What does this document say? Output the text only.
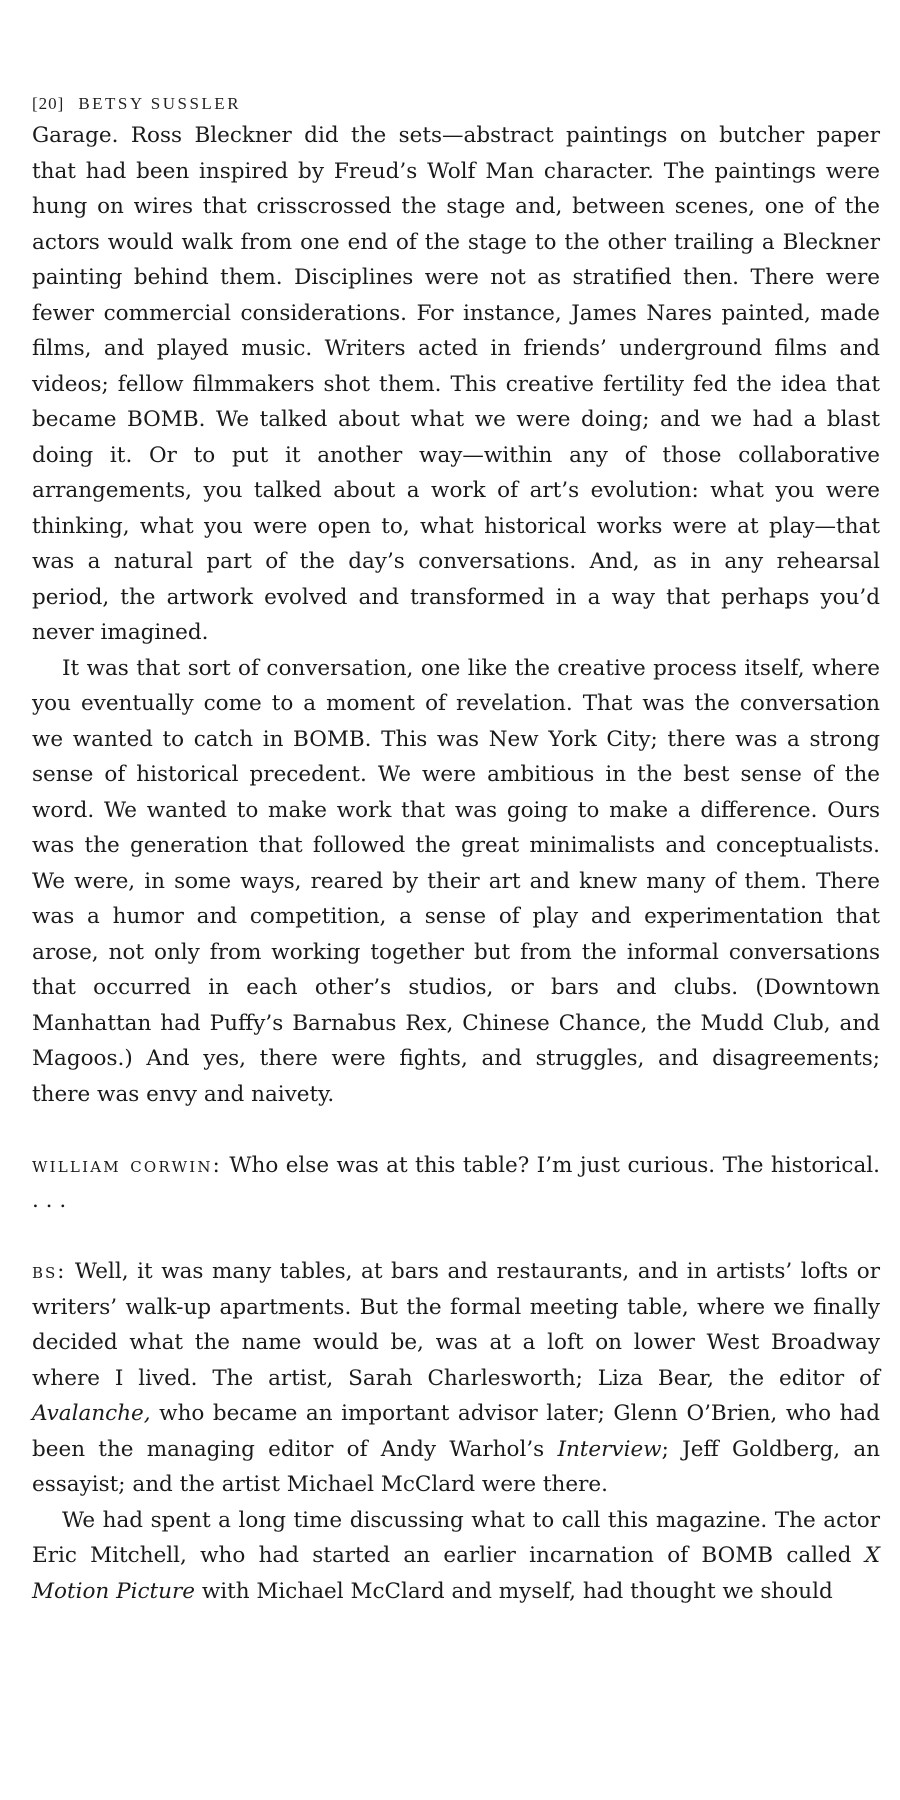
[20] BETSY SUSSLER

Garage. Ross Bleckner did the sets—abstract paintings on butcher paper that had been inspired by Freud’s Wolf Man character. The paintings were hung on wires that crisscrossed the stage and, between scenes, one of the actors would walk from one end of the stage to the other trailing a Bleckner painting behind them. Disciplines were not as stratified then. There were fewer commercial considerations. For instance, James Nares painted, made films, and played music. Writers acted in friends’ underground films and videos; fellow filmmakers shot them. This creative fertility fed the idea that became BOMB. We talked about what we were doing; and we had a blast doing it. Or to put it another way—within any of those collaborative arrangements, you talked about a work of art’s evolution: what you were thinking, what you were open to, what historical works were at play—that was a natural part of the day’s conversations. And, as in any rehearsal period, the artwork evolved and transformed in a way that perhaps you’d never imagined.

It was that sort of conversation, one like the creative process itself, where you eventually come to a moment of revelation. That was the conversation we wanted to catch in BOMB. This was New York City; there was a strong sense of historical precedent. We were ambitious in the best sense of the word. We wanted to make work that was going to make a difference. Ours was the generation that followed the great minimalists and conceptualists. We were, in some ways, reared by their art and knew many of them. There was a humor and competition, a sense of play and experimentation that arose, not only from working together but from the informal conversations that occurred in each other’s studios, or bars and clubs. (Downtown Manhattan had Puffy’s Barnabus Rex, Chinese Chance, the Mudd Club, and Magoos.) And yes, there were fights, and struggles, and disagreements; there was envy and naivety.

william corwin: Who else was at this table? I’m just curious. The historical. . . .

bs: Well, it was many tables, at bars and restaurants, and in artists’ lofts or writers’ walk-up apartments. But the formal meeting table, where we finally decided what the name would be, was at a loft on lower West Broadway where I lived. The artist, Sarah Charlesworth; Liza Bear, the editor of Avalanche, who became an important advisor later; Glenn O’Brien, who had been the managing editor of Andy Warhol’s Interview; Jeff Goldberg, an essayist; and the artist Michael McClard were there.

We had spent a long time discussing what to call this magazine. The actor Eric Mitchell, who had started an earlier incarnation of BOMB called X Motion Picture with Michael McClard and myself, had thought we should
